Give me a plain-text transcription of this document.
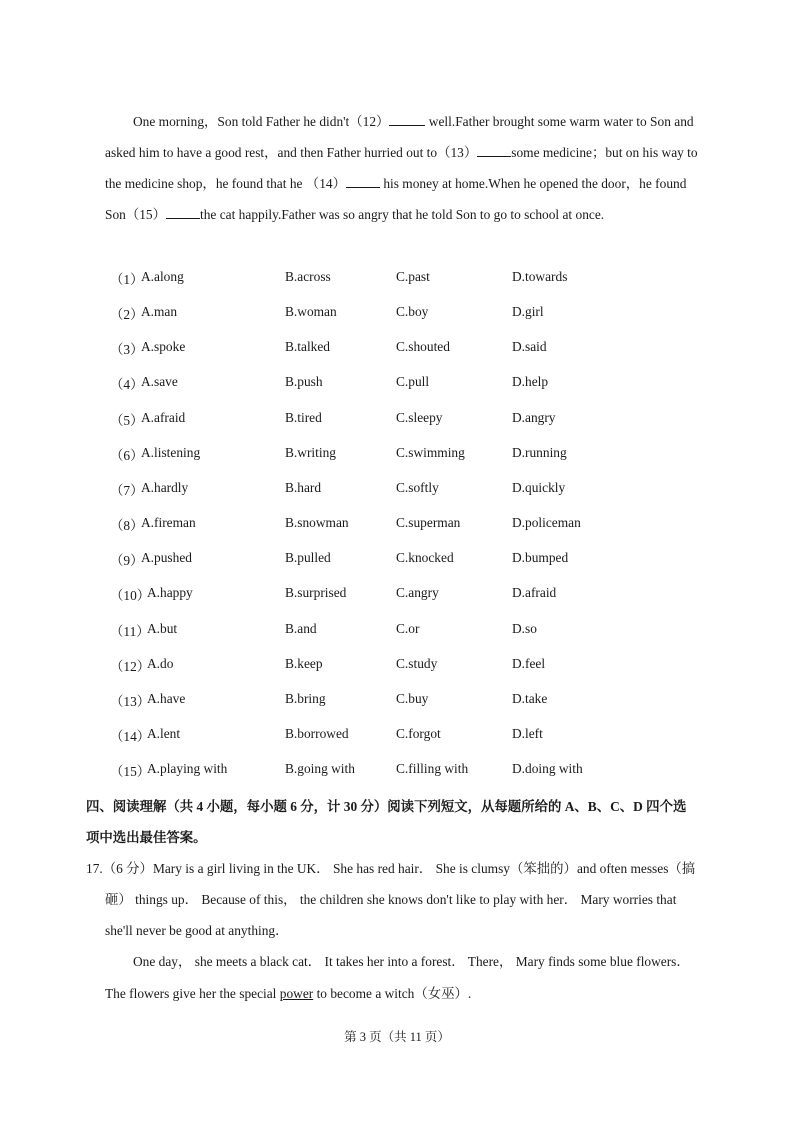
One morning，Son told Father he didn't（12）	well.Father brought some warm water to Son and
asked him to have a good rest，and then Father hurried out to（13）	some medicine；but on his way to
the medicine shop，he found that he （14）	his money at home.When he opened the door，he found
Son（15）	the cat happily.Father was so angry that he told Son to go to school at once.
（1）
A.along	B.across	C.past	D.towards
（2）
A.man	B.woman	C.boy	D.girl
（3）
A.spoke	B.talked	C.shouted	D.said
（4）
A.save	B.push	C.pull	D.help
（5）
A.afraid	B.tired	C.sleepy	D.angry
（6）
A.listening	B.writing	C.swimming	D.running
（7）
A.hardly	B.hard	C.softly	D.quickly
（8）
A.fireman	B.snowman	C.superman	D.policeman
（9）
A.pushed	B.pulled	C.knocked	D.bumped
（10）
A.happy	B.surprised	C.angry	D.afraid
（11）
A.but	B.and	C.or	D.so
（12）
A.do	B.keep	C.study	D.feel
（13）
A.have	B.bring	C.buy	D.take
（14）
A.lent	B.borrowed	C.forgot	D.left
（15）
A.playing with	B.going with	C.filling with	D.doing with
四、阅读理解（共 4 小题，每小题 6 分，计 30 分）阅读下列短文，从每题所给的 A、B、C、D 四个选
项中选出最佳答案。
17.（6 分）Mary is a girl living in the UK． She has red hair． She is clumsy（笨拙的）and often messes（搞
砸） things up． Because of this， the children she knows don't like to play with her． Mary worries that
she'll never be good at anything．
One day， she meets a black cat． It takes her into a forest． There， Mary finds some blue flowers．
The flowers give her the special power to become a witch（女巫）.
第 3 页（共 11 页）
